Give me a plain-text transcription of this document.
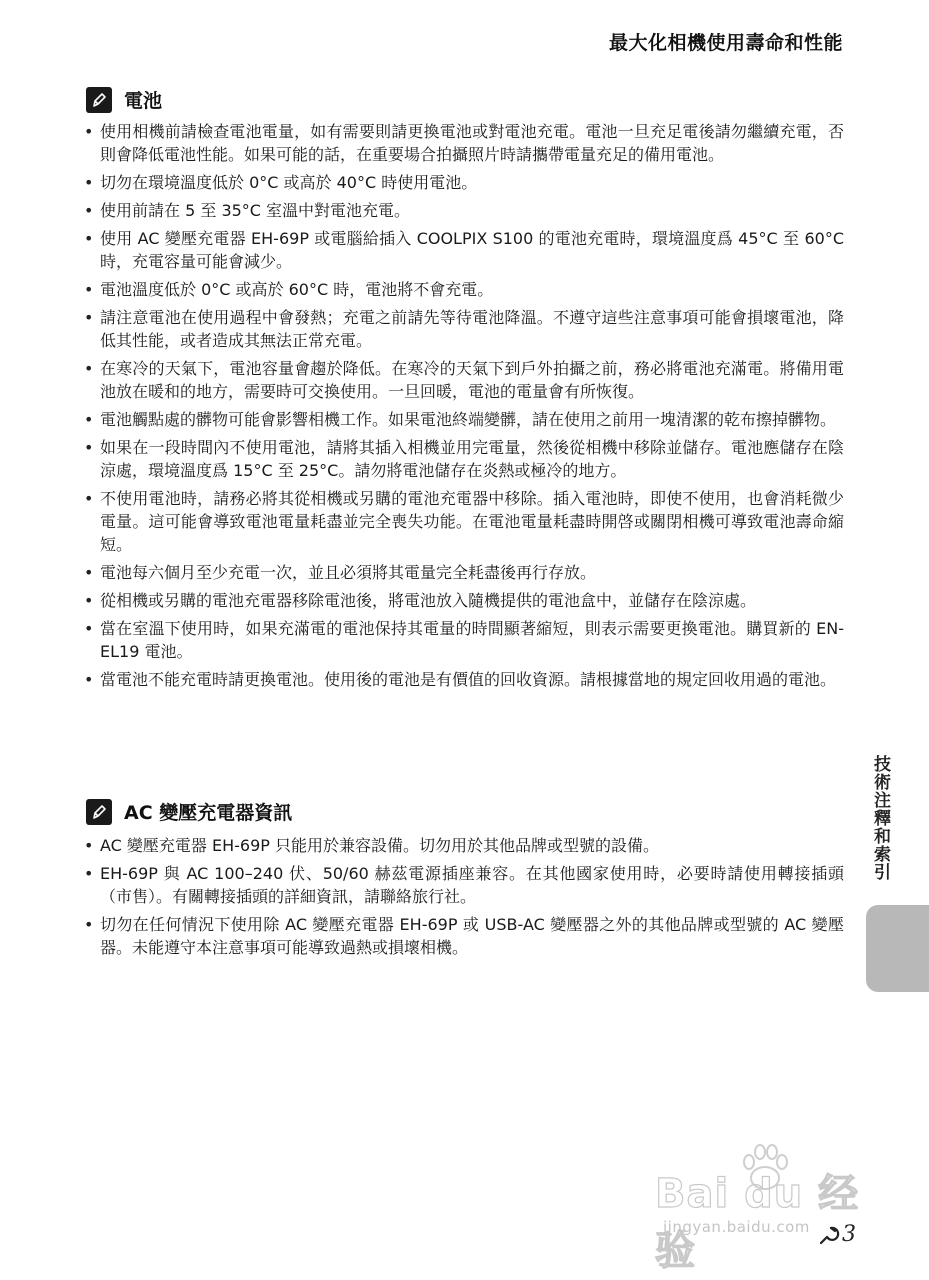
最大化相機使用壽命和性能
電池
• 使用相機前請檢查電池電量，如有需要則請更換電池或對電池充電。電池一旦充足電後請勿繼續充電，否則會降低電池性能。如果可能的話，在重要場合拍攝照片時請攜帶電量充足的備用電池。
• 切勿在環境溫度低於 0°C 或高於 40°C 時使用電池。
• 使用前請在 5 至 35°C 室溫中對電池充電。
• 使用 AC 變壓充電器 EH-69P 或電腦給插入 COOLPIX S100 的電池充電時，環境溫度爲 45°C 至 60°C 時，充電容量可能會減少。
• 電池溫度低於 0°C 或高於 60°C 時，電池將不會充電。
• 請注意電池在使用過程中會發熱；充電之前請先等待電池降溫。不遵守這些注意事項可能會損壞電池，降低其性能，或者造成其無法正常充電。
• 在寒冷的天氣下，電池容量會趨於降低。在寒冷的天氣下到戶外拍攝之前，務必將電池充滿電。將備用電池放在暖和的地方，需要時可交換使用。一旦回暖，電池的電量會有所恢復。
• 電池觸點處的髒物可能會影響相機工作。如果電池終端變髒，請在使用之前用一塊清潔的乾布擦掉髒物。
• 如果在一段時間內不使用電池，請將其插入相機並用完電量，然後從相機中移除並儲存。電池應儲存在陰涼處，環境溫度爲 15°C 至 25°C。請勿將電池儲存在炎熱或極冷的地方。
• 不使用電池時，請務必將其從相機或另購的電池充電器中移除。插入電池時，即使不使用，也會消耗微少電量。這可能會導致電池電量耗盡並完全喪失功能。在電池電量耗盡時開啓或關閉相機可導致電池壽命縮短。
• 電池每六個月至少充電一次，並且必須將其電量完全耗盡後再行存放。
• 從相機或另購的電池充電器移除電池後，將電池放入隨機提供的電池盒中，並儲存在陰涼處。
• 當在室溫下使用時，如果充滿電的電池保持其電量的時間顯著縮短，則表示需要更換電池。購買新的 EN-EL19 電池。
• 當電池不能充電時請更換電池。使用後的電池是有價值的回收資源。請根據當地的規定回收用過的電池。
AC 變壓充電器資訊
• AC 變壓充電器 EH-69P 只能用於兼容設備。切勿用於其他品牌或型號的設備。
• EH-69P 與 AC 100–240 伏、50/60 赫茲電源插座兼容。在其他國家使用時，必要時請使用轉接插頭 （市售）。有關轉接插頭的詳細資訊，請聯絡旅行社。
• 切勿在任何情況下使用除 AC 變壓充電器 EH-69P 或 USB-AC 變壓器之外的其他品牌或型號的 AC 變壓器。未能遵守本注意事項可能導致過熱或損壞相機。
技術注釋和索引
Bai du 经验
jingyan.baidu.com 3
